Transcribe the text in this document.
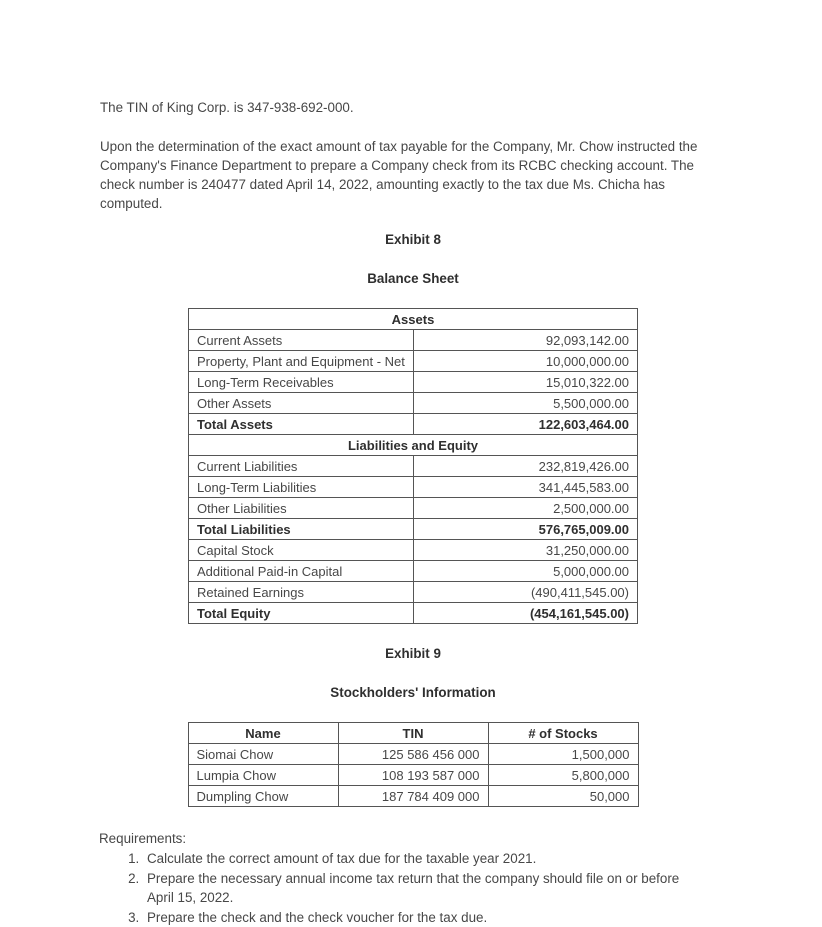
The TIN of King Corp. is 347-938-692-000.

Upon the determination of the exact amount of tax payable for the Company, Mr. Chow instructed the Company's Finance Department to prepare a Company check from its RCBC checking account. The check number is 240477 dated April 14, 2022, amounting exactly to the tax due Ms. Chicha has computed.

Exhibit 8

Balance Sheet

Assets	
Current Assets	92,093,142.00
Property, Plant and Equipment - Net	10,000,000.00
Long-Term Receivables	15,010,322.00
Other Assets	5,500,000.00
Total Assets	122,603,464.00
Liabilities and Equity	
Current Liabilities	232,819,426.00
Long-Term Liabilities	341,445,583.00
Other Liabilities	2,500,000.00
Total Liabilities	576,765,009.00
Capital Stock	31,250,000.00
Additional Paid-in Capital	5,000,000.00
Retained Earnings	(490,411,545.00)
Total Equity	(454,161,545.00)

Exhibit 9

Stockholders' Information

Name	TIN	# of Stocks
Siomai Chow	125 586 456 000	1,500,000
Lumpia Chow	108 193 587 000	5,800,000
Dumpling Chow	187 784 409 000	50,000

Requirements:

1. Calculate the correct amount of tax due for the taxable year 2021.
2. Prepare the necessary annual income tax return that the company should file on or before April 15, 2022.
3. Prepare the check and the check voucher for the tax due.
